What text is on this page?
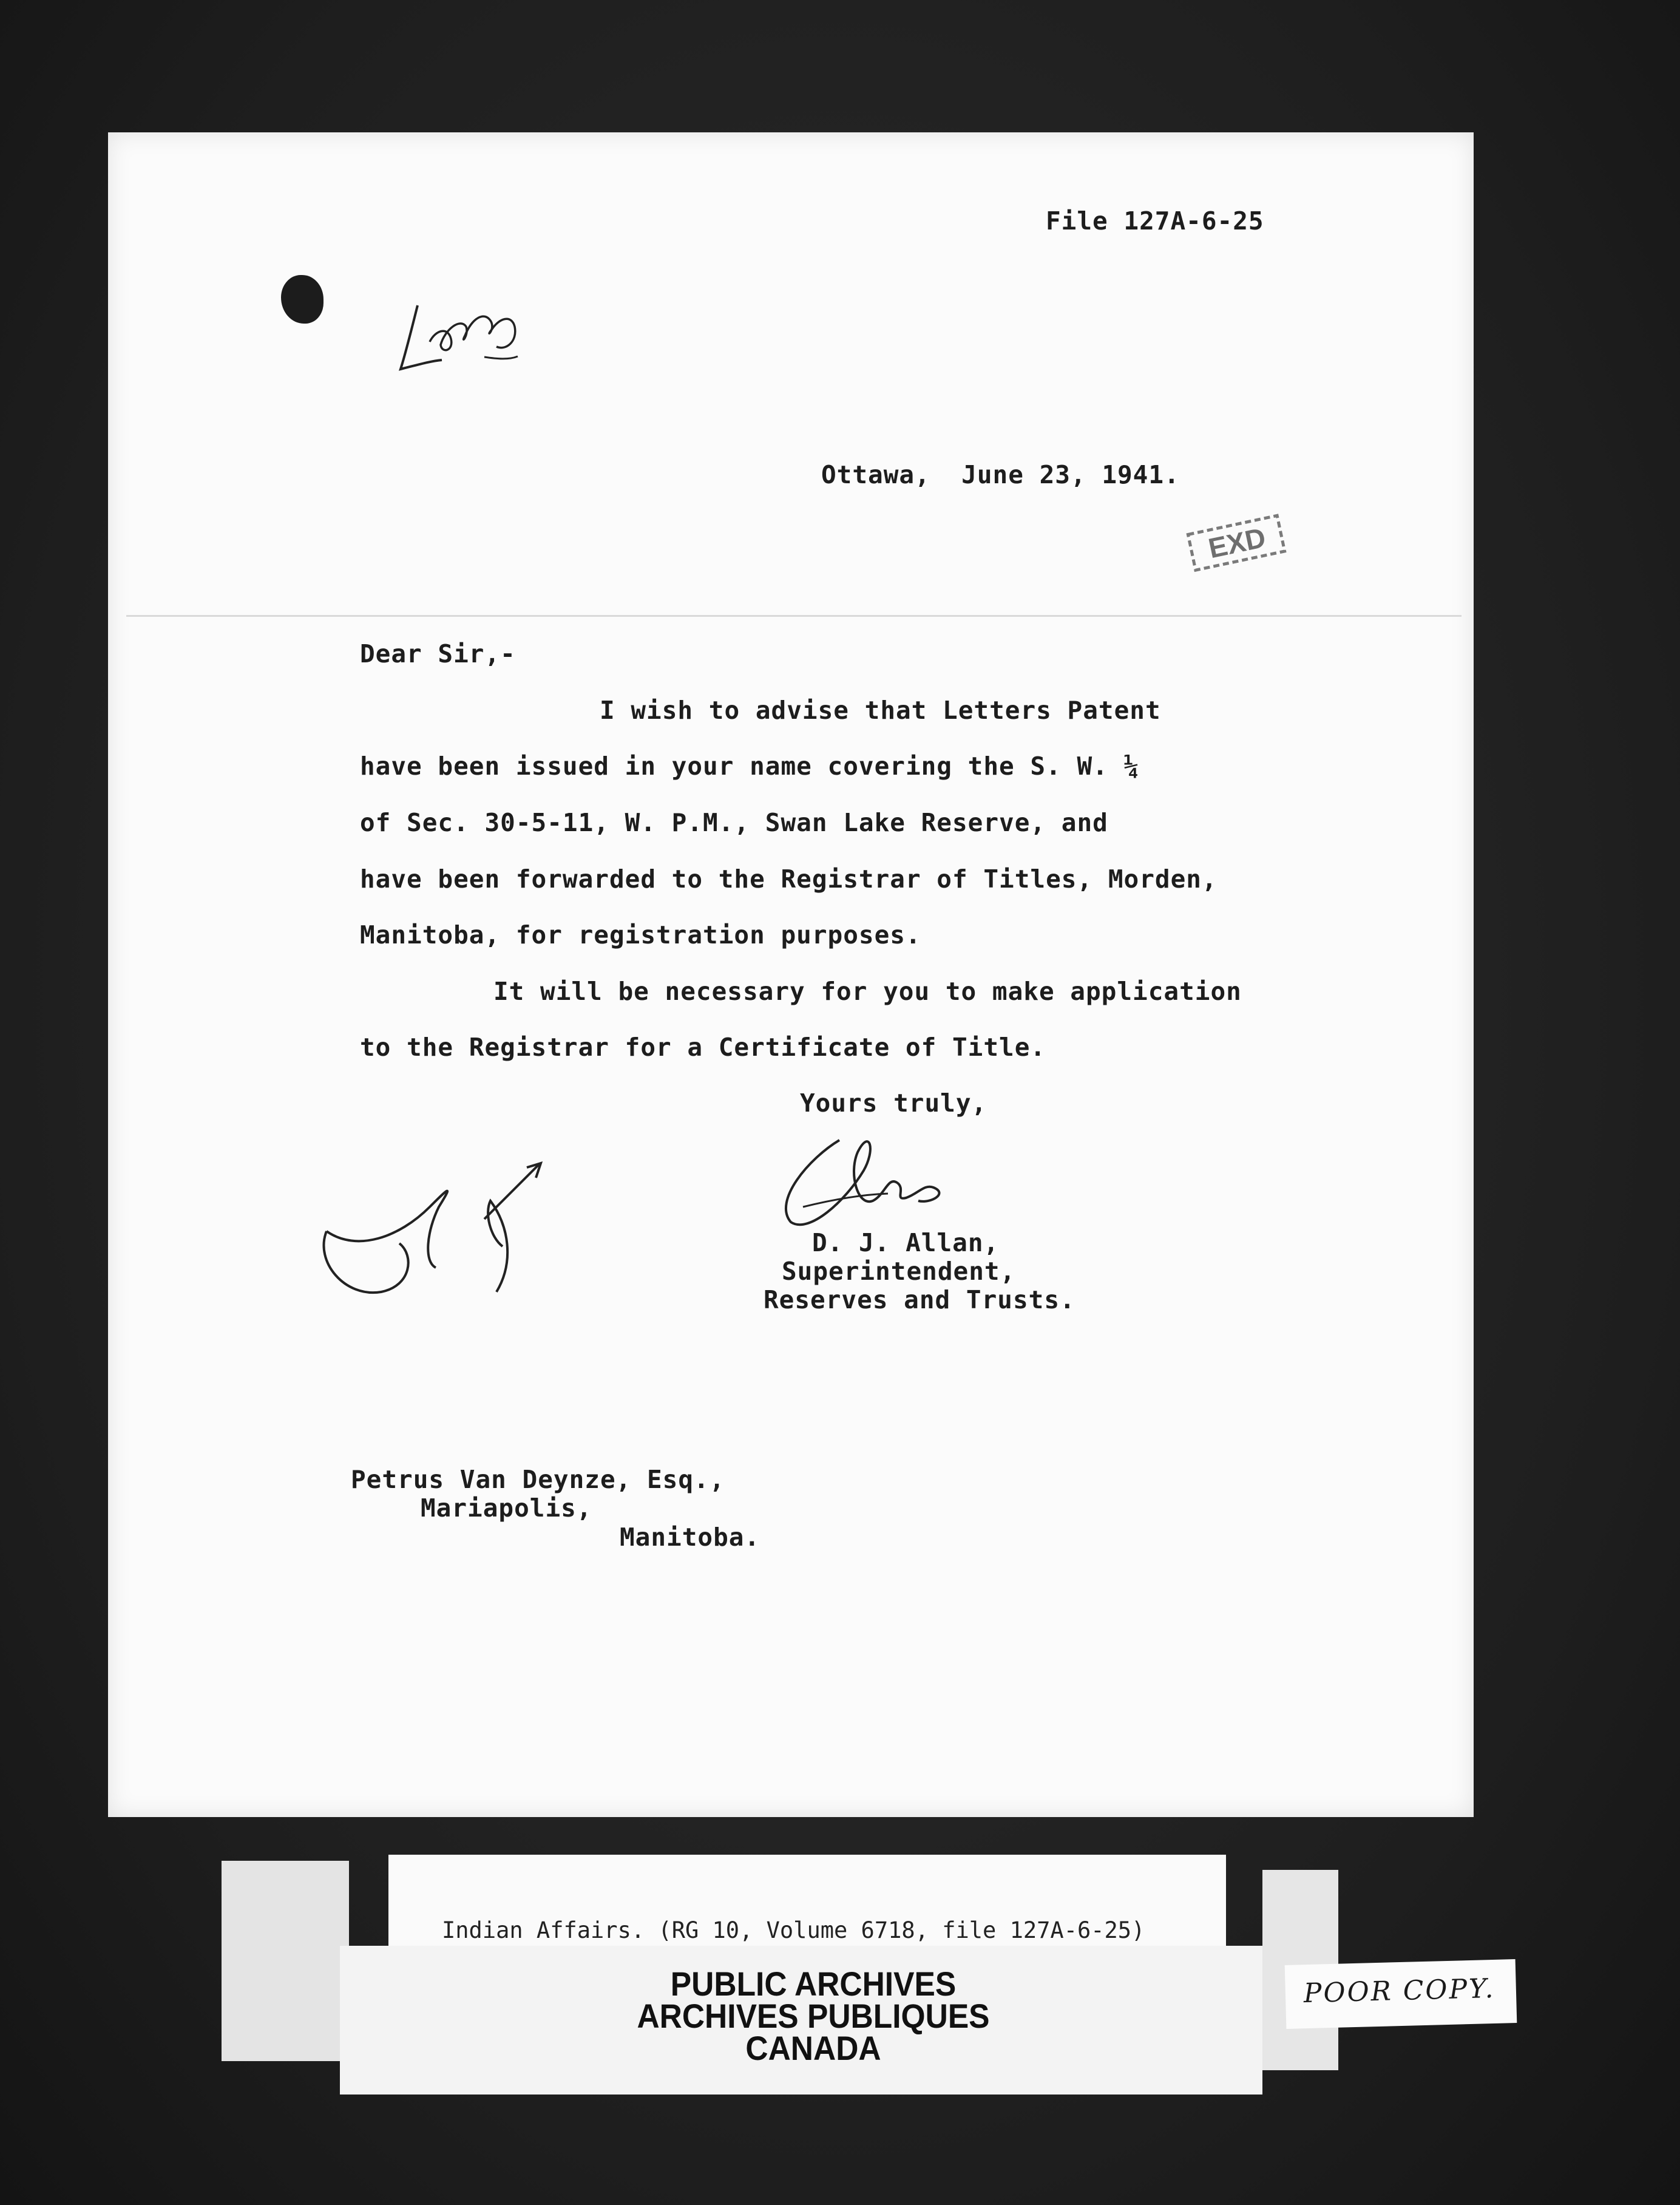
File 127A-6-25
Ottawa,  June 23, 1941.
EXD
Dear Sir,-
I wish to advise that Letters Patent
have been issued in your name covering the S. W. ¼
of Sec. 30-5-11, W. P.M., Swan Lake Reserve, and
have been forwarded to the Registrar of Titles, Morden,
Manitoba, for registration purposes.
It will be necessary for you to make application
to the Registrar for a Certificate of Title.
Yours truly,
D. J. Allan,
Superintendent,
Reserves and Trusts.
Petrus Van Deynze, Esq.,
Mariapolis,
Manitoba.
Indian Affairs. (RG 10, Volume 6718, file 127A-6-25)
PUBLIC ARCHIVES
ARCHIVES PUBLIQUES
CANADA
POOR COPY.
